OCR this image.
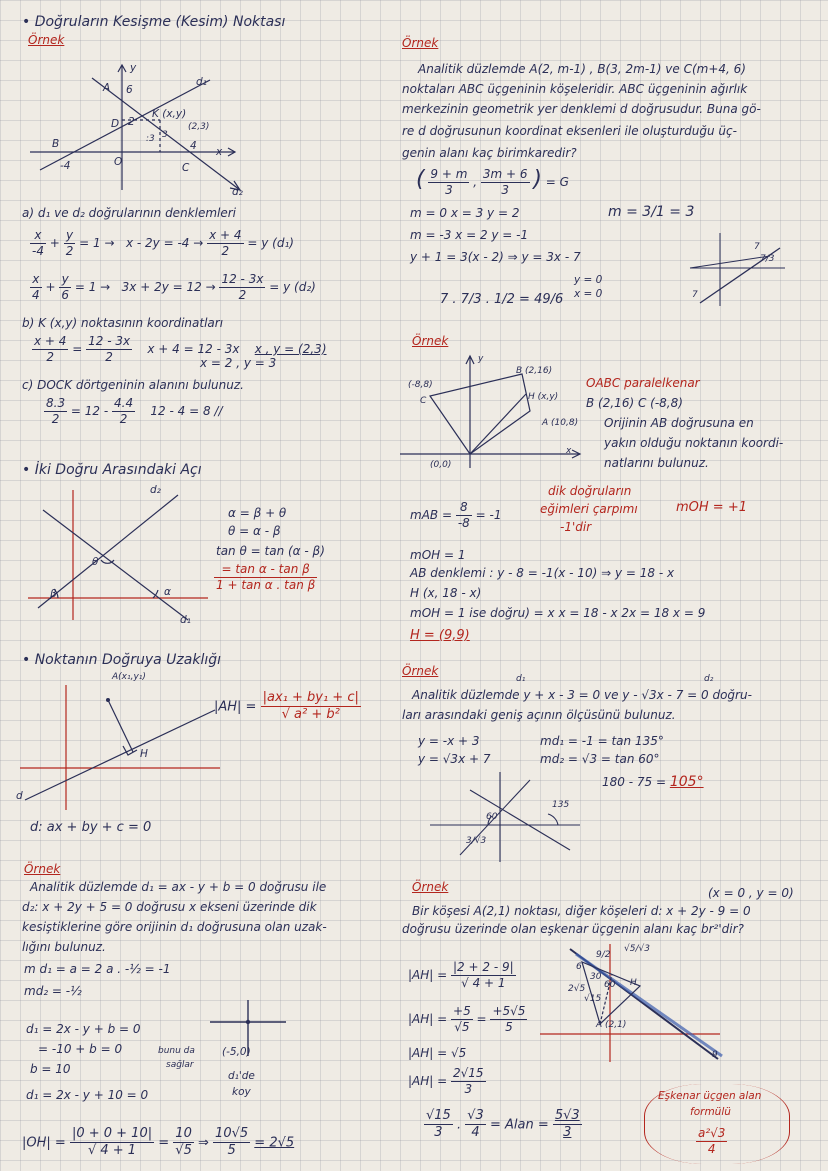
• Doğruların Kesişme (Kesim) Noktası
Örnek
A 6
y
d₁
K (x,y)
(2,3)
D 2
:3 3
B
-4	O	C
4 x
d₂
a) d₁ ve d₂ doğrularının denklemleri
$\frac{x}{-4} + \frac{y}{2} = 1 \to x - 2y = -4 \to \frac{x + 4}{2} = y$ (d₁)
$\frac{x}{4} + \frac{y}{6} = 1 \to 3x + 2y = 12 \to \frac{12 - 3x}{2} = y$ (d₂)
b) K (x,y) noktasının koordinatları
$\frac{x + 4}{2} = \frac{12 - 3x}{2}$ x + 4 = 12 - 3x x , y = (2,3)
x = 2 , y = 3
c) DOCK dörtgeninin alanını bulunuz.
$\frac{8.3}{2} = 12 - \frac{4.4}{2} 12 - 4 = 8$ //
• İki Doğru Arasındaki Açı
d₂
θ
β	α
d₁
α = β + θ
θ = α - β
tan θ = tan (α - β)
$\frac{\text{= tan α - tan β}}{\text{1 + tan α . tan β}}$
• Noktanın Doğruya Uzaklığı
A(x₁,y₁)
H
d
$|AH| = \frac{\text{|ax₁ + by₁ + c|}}{\text{√ a² + b²}}$
d: ax + by + c = 0
Örnek
Analitik düzlemde d₁ = ax - y + b = 0 doğrusu ile
d₂: x + 2y + 5 = 0 doğrusu x ekseni üzerinde dik
kesiştiklerine göre orijinin d₁ doğrusuna olan uzak-
lığını bulunuz.
m d₁ = a = 2 a . -½ = -1
md₂ = -½
d₁ = 2x - y + b = 0
= -10 + b = 0
b = 10
d₁ = 2x - y + 10 = 0
bunu da
sağlar
(-5,0)
d₁'de
koy
$|OH| = \frac{|0 + 0 + 10|}{√ 4 + 1} = \frac{10}{√5}$ ⇒ $\frac{10√5}{5} = 2√5$
Örnek
Analitik düzlemde A(2, m-1) , B(3, 2m-1) ve C(m+4, 6)
noktaları ABC üçgeninin köşeleridir. ABC üçgeninin ağırlık
merkezinin geometrik yer denklemi d doğrusudur. Buna gö-
re d doğrusunun koordinat eksenleri ile oluşturduğu üç-
genin alanı kaç birimkaredir?
( $\frac{9 + m}{3}$ , $\frac{3m + 6}{3}$ ) = G
m = 0 x = 3 y = 2	m = 3/1 = 3
m = -3 x = 2 y = -1
y + 1 = 3(x - 2) ⇒ y = 3x - 7
y = 0
x = 0
7 . 7/3 . 1/2 = 49/6
7
7/3
7
Örnek
y
B (2,16)
(-8,8)
C	H (x,y)
A (10,8)
(0,0)
x
OABC paralelkenar
B (2,16) C (-8,8)
Orijinin AB doğrusuna en
yakın olduğu noktanın koordi-
natlarını bulunuz.
mAB = $\frac{8}{-8} = -1$
dik doğruların
eğimleri çarpımı
-1'dir
mOH = +1
mOH = 1
AB denklemi : y - 8 = -1(x - 10) ⇒ y = 18 - x
H (x, 18 - x)
mOH = 1 ise doğru) = x x = 18 - x 2x = 18 x = 9
H = (9,9)
Örnek
d₁	d₂
Analitik düzlemde y + x - 3 = 0 ve y - √3x - 7 = 0 doğru-
ları arasındaki geniş açının ölçüsünü bulunuz.
y = -x + 3
y = √3x + 7
md₁ = -1 = tan 135°
md₂ = √3 = tan 60°
180 - 75 = 105°
60
135
3/√3
Örnek	(x = 0 , y = 0)
Bir köşesi A(2,1) noktası, diğer köşeleri d: x + 2y - 9 = 0
doğrusu üzerinde olan eşkenar üçgenin alanı kaç br²'dir?
$|AH| = \frac{|2 + 2 - 9|}{√ 4 + 1}$
$|AH| = \frac{+5}{√5} = \frac{+5√5}{5}$
|AH| = √5
$|AH| = \frac{2√15}{3}$
9/2
√5/√3
6
2√5
√15
30
60 H
A (2,1)
9
$\frac{√15}{3}$ . $\frac{√3}{4}$ = Alan = $\frac{5√3}{3}$
Eşkenar üçgen alan
formülü
$\frac{\text{a²√3}}{4}$
